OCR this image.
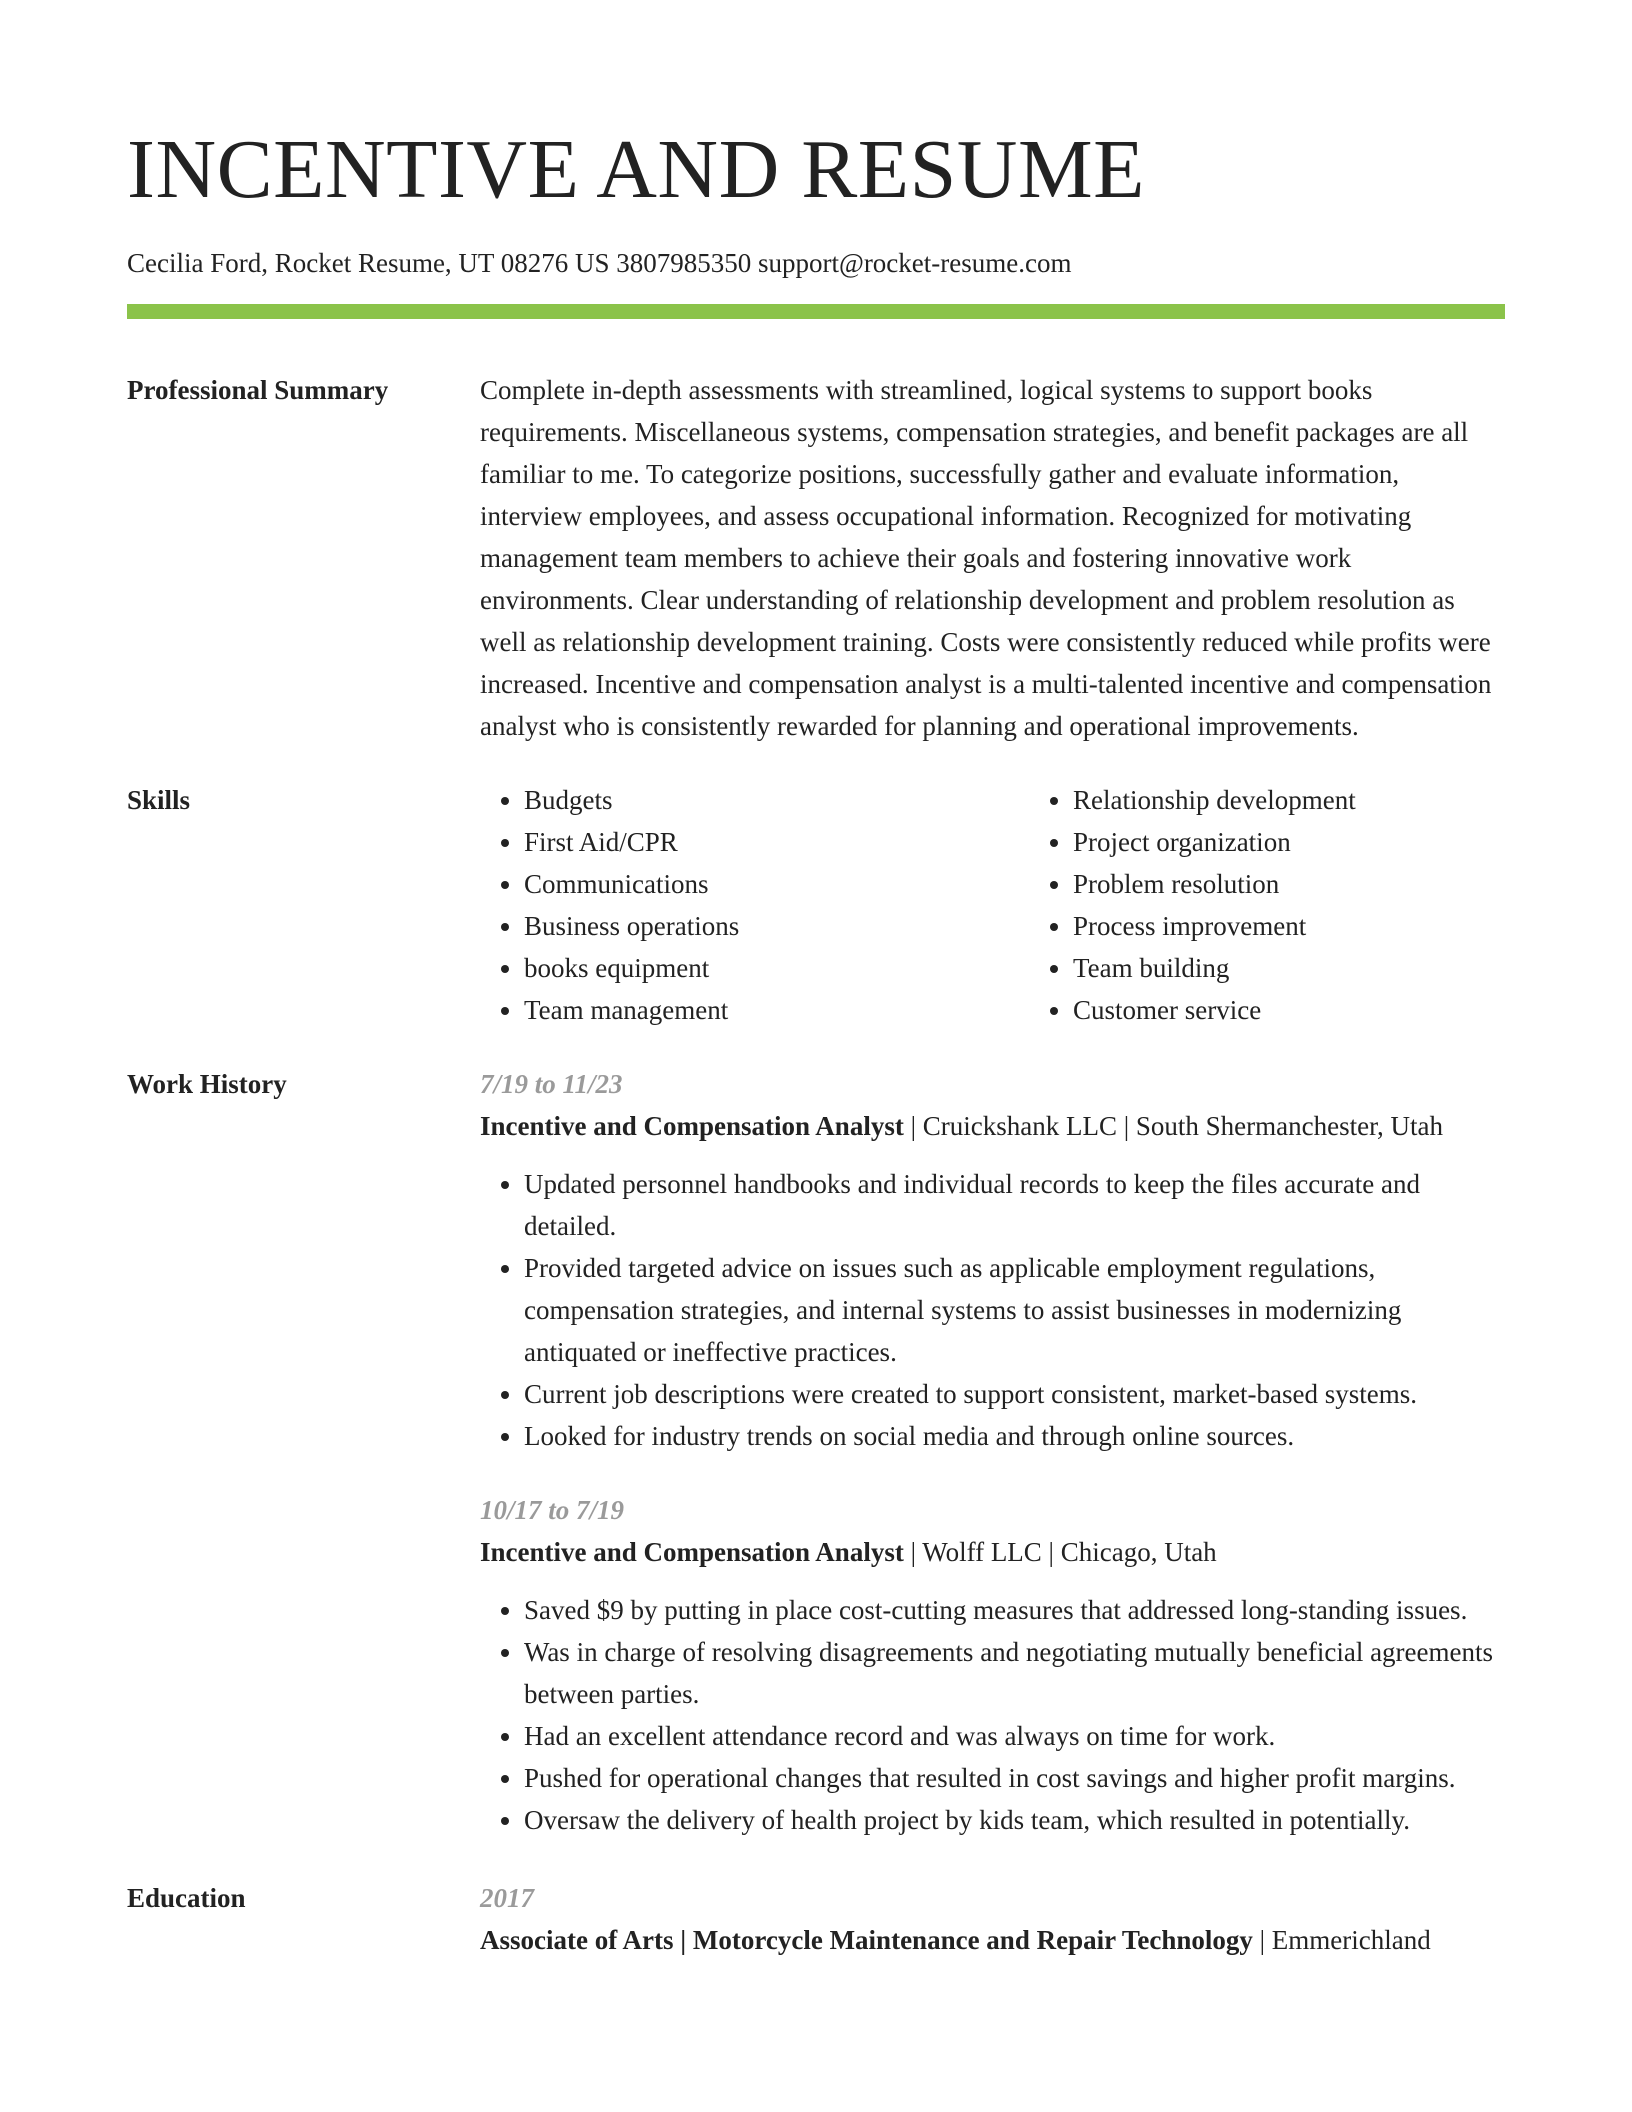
INCENTIVE AND RESUME
Cecilia Ford, Rocket Resume, UT 08276 US 3807985350 support@rocket-resume.com
Professional Summary	Complete in-depth assessments with streamlined, logical systems to support books requirements. Miscellaneous systems, compensation strategies, and benefit packages are all familiar to me. To categorize positions, successfully gather and evaluate information, interview employees, and assess occupational information. Recognized for motivating management team members to achieve their goals and fostering innovative work environments. Clear understanding of relationship development and problem resolution as well as relationship development training. Costs were consistently reduced while profits were increased. Incentive and compensation analyst is a multi-talented incentive and compensation analyst who is consistently rewarded for planning and operational improvements.

Skills
•	Budgets
• First Aid/CPR
• Communications
• Business operations
• books equipment
• Team management
• Relationship development
• Project organization
• Problem resolution
• Process improvement
• Team building
• Customer service
Work History	7/19 to 11/23
Incentive and Compensation Analyst | Cruickshank LLC | South Shermanchester, Utah
• Updated personnel handbooks and individual records to keep the files accurate and detailed.
• Provided targeted advice on issues such as applicable employment regulations, compensation strategies, and internal systems to assist businesses in modernizing antiquated or ineffective practices.
• Current job descriptions were created to support consistent, market-based systems.
• Looked for industry trends on social media and through online sources.
10/17 to 7/19
Incentive and Compensation Analyst | Wolff LLC | Chicago, Utah
• Saved $9 by putting in place cost-cutting measures that addressed long-standing issues.
• Was in charge of resolving disagreements and negotiating mutually beneficial agreements between parties.
• Had an excellent attendance record and was always on time for work.
• Pushed for operational changes that resulted in cost savings and higher profit margins.
• Oversaw the delivery of health project by kids team, which resulted in potentially.
Education	2017
Associate of Arts | Motorcycle Maintenance and Repair Technology | Emmerichland
